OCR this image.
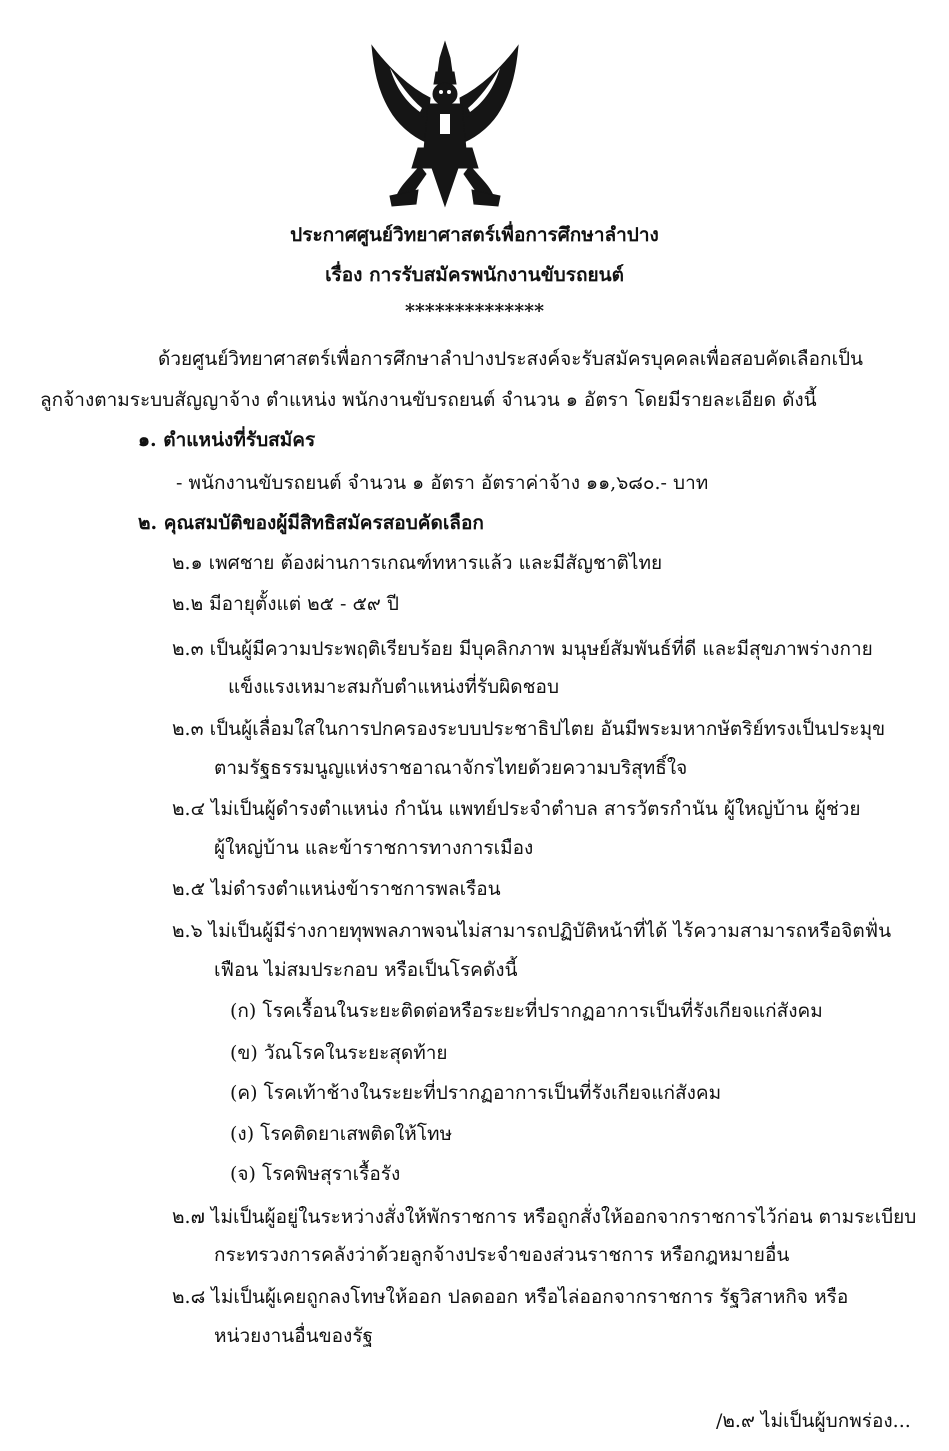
ประกาศศูนย์วิทยาศาสตร์เพื่อการศึกษาลำปาง
เรื่อง การรับสมัครพนักงานขับรถยนต์
**************
ด้วยศูนย์วิทยาศาสตร์เพื่อการศึกษาลำปางประสงค์จะรับสมัครบุคคลเพื่อสอบคัดเลือกเป็น
ลูกจ้างตามระบบสัญญาจ้าง ตำแหน่ง พนักงานขับรถยนต์ จำนวน ๑ อัตรา โดยมีรายละเอียด ดังนี้
๑. ตำแหน่งที่รับสมัคร
- พนักงานขับรถยนต์ จำนวน ๑ อัตรา อัตราค่าจ้าง ๑๑,๖๘๐.- บาท
๒. คุณสมบัติของผู้มีสิทธิสมัครสอบคัดเลือก
๒.๑ เพศชาย ต้องผ่านการเกณฑ์ทหารแล้ว และมีสัญชาติไทย
๒.๒ มีอายุตั้งแต่ ๒๕ - ๕๙ ปี
๒.๓ เป็นผู้มีความประพฤติเรียบร้อย มีบุคลิกภาพ มนุษย์สัมพันธ์ที่ดี และมีสุขภาพร่างกาย
แข็งแรงเหมาะสมกับตำแหน่งที่รับผิดชอบ
๒.๓ เป็นผู้เลื่อมใสในการปกครองระบบประชาธิปไตย อันมีพระมหากษัตริย์ทรงเป็นประมุข
ตามรัฐธรรมนูญแห่งราชอาณาจักรไทยด้วยความบริสุทธิ์ใจ
๒.๔ ไม่เป็นผู้ดำรงตำแหน่ง กำนัน แพทย์ประจำตำบล สารวัตรกำนัน ผู้ใหญ่บ้าน ผู้ช่วย
ผู้ใหญ่บ้าน และข้าราชการทางการเมือง
๒.๕ ไม่ดำรงตำแหน่งข้าราชการพลเรือน
๒.๖ ไม่เป็นผู้มีร่างกายทุพพลภาพจนไม่สามารถปฏิบัติหน้าที่ได้ ไร้ความสามารถหรือจิตฟั่น
เฟือน ไม่สมประกอบ หรือเป็นโรคดังนี้
(ก) โรคเรื้อนในระยะติดต่อหรือระยะที่ปรากฏอาการเป็นที่รังเกียจแก่สังคม
(ข) วัณโรคในระยะสุดท้าย
(ค) โรคเท้าช้างในระยะที่ปรากฏอาการเป็นที่รังเกียจแก่สังคม
(ง) โรคติดยาเสพติดให้โทษ
(จ) โรคพิษสุราเรื้อรัง
๒.๗ ไม่เป็นผู้อยู่ในระหว่างสั่งให้พักราชการ หรือถูกสั่งให้ออกจากราชการไว้ก่อน ตามระเบียบ
กระทรวงการคลังว่าด้วยลูกจ้างประจำของส่วนราชการ หรือกฎหมายอื่น
๒.๘ ไม่เป็นผู้เคยถูกลงโทษให้ออก ปลดออก หรือไล่ออกจากราชการ รัฐวิสาหกิจ หรือ
หน่วยงานอื่นของรัฐ
/๒.๙ ไม่เป็นผู้บกพร่อง...
